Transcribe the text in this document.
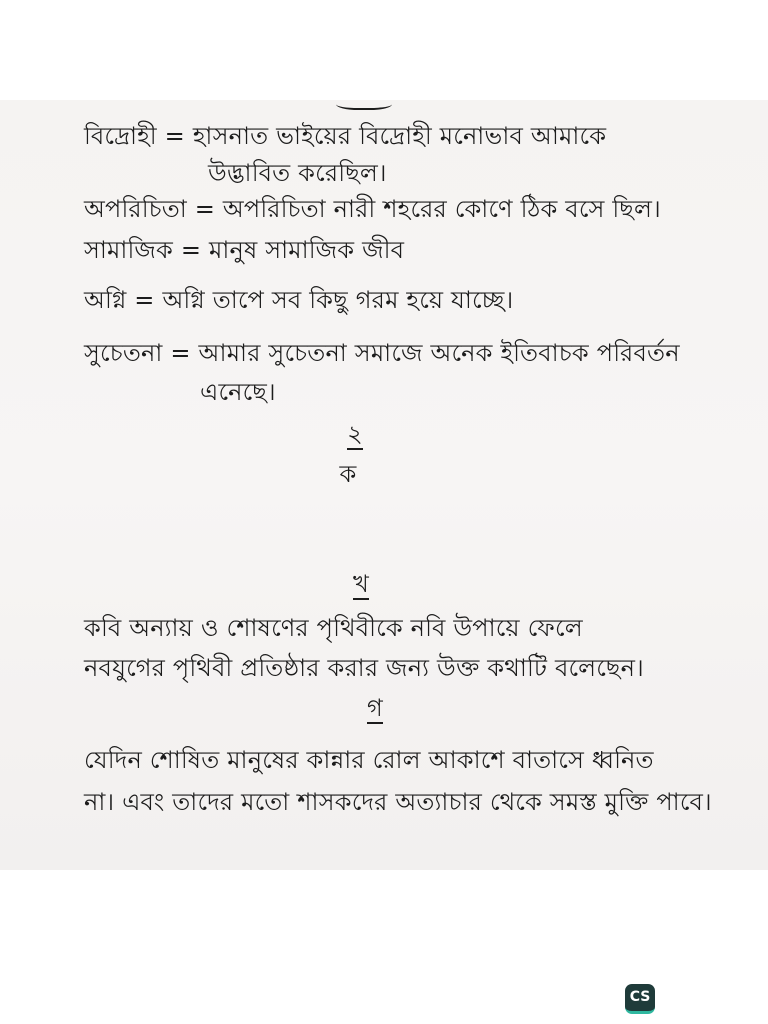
বিদ্রোহী = হাসনাত ভাইয়ের বিদ্রোহী মনোভাব আমাকে
উদ্ভাবিত করেছিল।
অপরিচিতা = অপরিচিতা নারী শহরের কোণে ঠিক বসে ছিল।
সামাজিক = মানুষ সামাজিক জীব
অগ্নি = অগ্নি তাপে সব কিছু গরম হয়ে যাচ্ছে।
সুচেতনা = আমার সুচেতনা সমাজে অনেক ইতিবাচক পরিবর্তন
এনেছে।
২
ক
খ
কবি অন্যায় ও শোষণের পৃথিবীকে নবি উপায়ে ফেলে
নবযুগের পৃথিবী প্রতিষ্ঠার করার জন্য উক্ত কথাটি বলেছেন।
গ
যেদিন শোষিত মানুষের কান্নার রোল আকাশে বাতাসে ধ্বনিত
না। এবং তাদের মতো শাসকদের অত্যাচার থেকে সমস্ত মুক্তি পাবে।
CS
